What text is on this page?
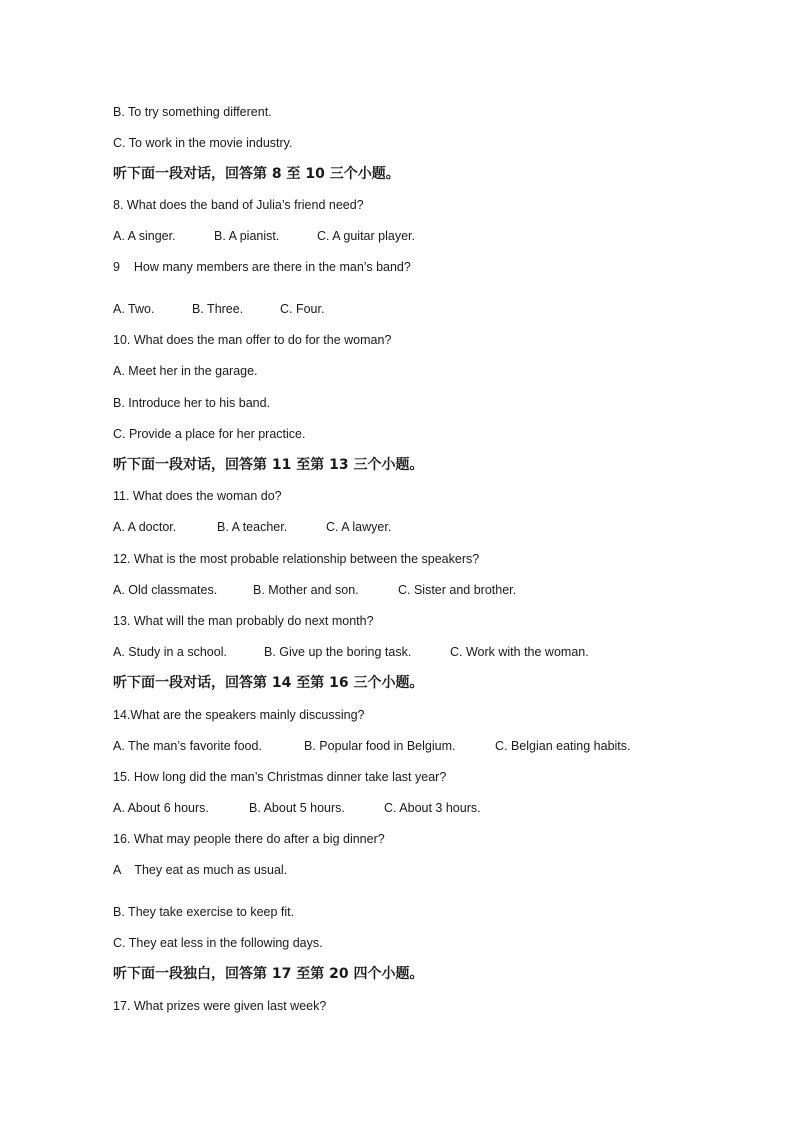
B. To try something different.
C. To work in the movie industry.
听下面一段对话，回答第 8 至 10 三个小题。
8. What does the band of Julia’s friend need?

A. A singer.

	B. A pianist.

	C. A guitar player.

9    How many members are there in the man’s band?

A. Two.

	B. Three.

	C. Four.

10. What does the man offer to do for the woman?
A. Meet her in the garage.
B. Introduce her to his band.
C. Provide a place for her practice.
听下面一段对话，回答第 11 至第 13 三个小题。
11. What does the woman do?

A. A doctor.

	B. A teacher.

	C. A lawyer.

12. What is the most probable relationship between the speakers?

A. Old classmates.

	B. Mother and son.

	C. Sister and brother.

13. What will the man probably do next month?

A. Study in a school.

	B. Give up the boring task.

	C. Work with the woman.

听下面一段对话，回答第 14 至第 16 三个小题。
14.What are the speakers mainly discussing?

A. The man’s favorite food.

	B. Popular food in Belgium.

	C. Belgian eating habits.

15. How long did the man’s Christmas dinner take last year?

A. About 6 hours.

	B. About 5 hours.

	C. About 3 hours.

16. What may people there do after a big dinner?
A    They eat as much as usual.
B. They take exercise to keep fit.
C. They eat less in the following days.
听下面一段独白，回答第 17 至第 20 四个小题。
17. What prizes were given last week?
